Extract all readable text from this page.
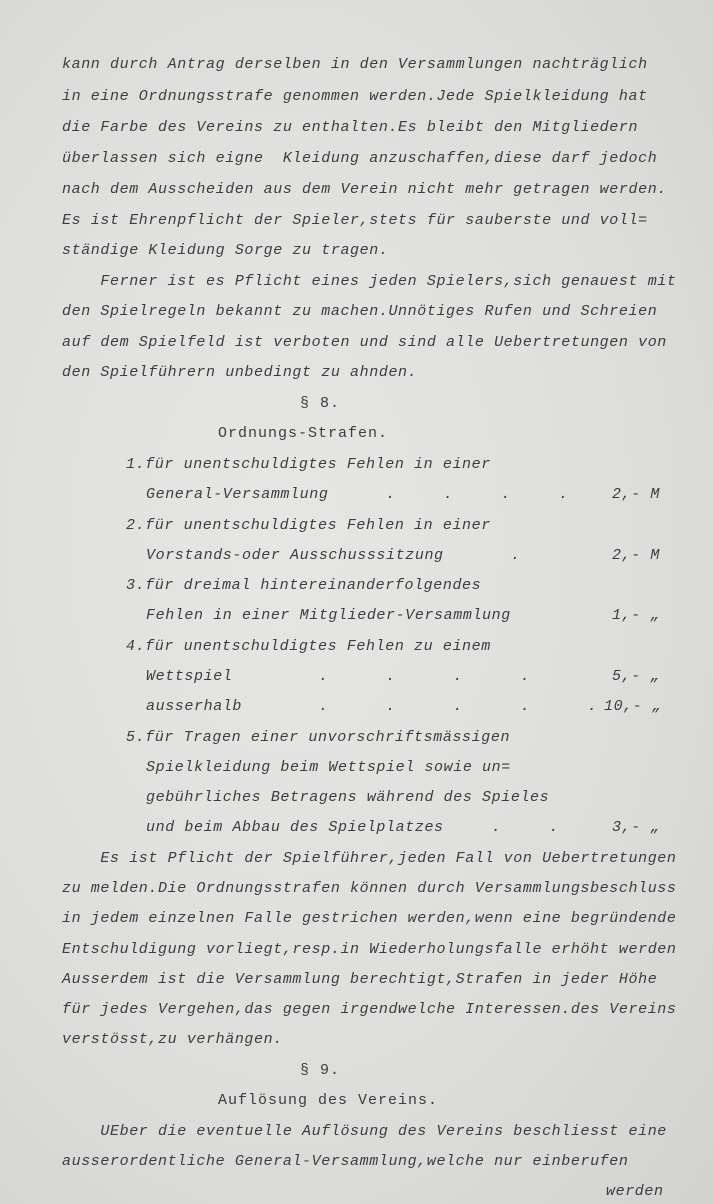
kann durch Antrag derselben in den Versammlungen nachträglich
in eine Ordnungsstrafe genommen werden.Jede Spielkleidung hat
die Farbe des Vereins zu enthalten.Es bleibt den Mitgliedern
überlassen sich eigne  Kleidung anzuschaffen,diese darf jedoch
nach dem Ausscheiden aus dem Verein nicht mehr getragen werden.
Es ist Ehrenpflicht der Spieler,stets für sauberste und voll=
ständige Kleidung Sorge zu tragen.
Ferner ist es Pflicht eines jeden Spielers,sich genauest mit
den Spielregeln bekannt zu machen.Unnötiges Rufen und Schreien
auf dem Spielfeld ist verboten und sind alle Uebertretungen von
den Spielführern unbedingt zu ahnden.
§ 8.
Ordnungs-Strafen.
1.für unentschuldigtes Fehlen in einer
General-Versammlung      .     .     .     .	2,- M
2.für unentschuldigtes Fehlen in einer
Vorstands-oder Ausschusssitzung       .	2,- M
3.für dreimal hintereinanderfolgendes
Fehlen in einer Mitglieder-Versammlung	1,- „
4.für unentschuldigtes Fehlen zu einem
Wettspiel         .      .      .      .	5,- „
ausserhalb        .      .      .      .      . 10,- „
5.für Tragen einer unvorschriftsmässigen
Spielkleidung beim Wettspiel sowie un=
gebührliches Betragens während des Spieles
und beim Abbau des Spielplatzes     .     .	3,- „
Es ist Pflicht der Spielführer,jeden Fall von Uebertretungen
zu melden.Die Ordnungsstrafen können durch Versammlungsbeschluss
in jedem einzelnen Falle gestrichen werden,wenn eine begründende
Entschuldigung vorliegt,resp.in Wiederholungsfalle erhöht werden
Ausserdem ist die Versammlung berechtigt,Strafen in jeder Höhe
für jedes Vergehen,das gegen irgendwelche Interessen.des Vereins
verstösst,zu verhängen.
§ 9.
Auflösung des Vereins.
UEber die eventuelle Auflösung des Vereins beschliesst eine
ausserordentliche General-Versammlung,welche nur einberufen
werden
